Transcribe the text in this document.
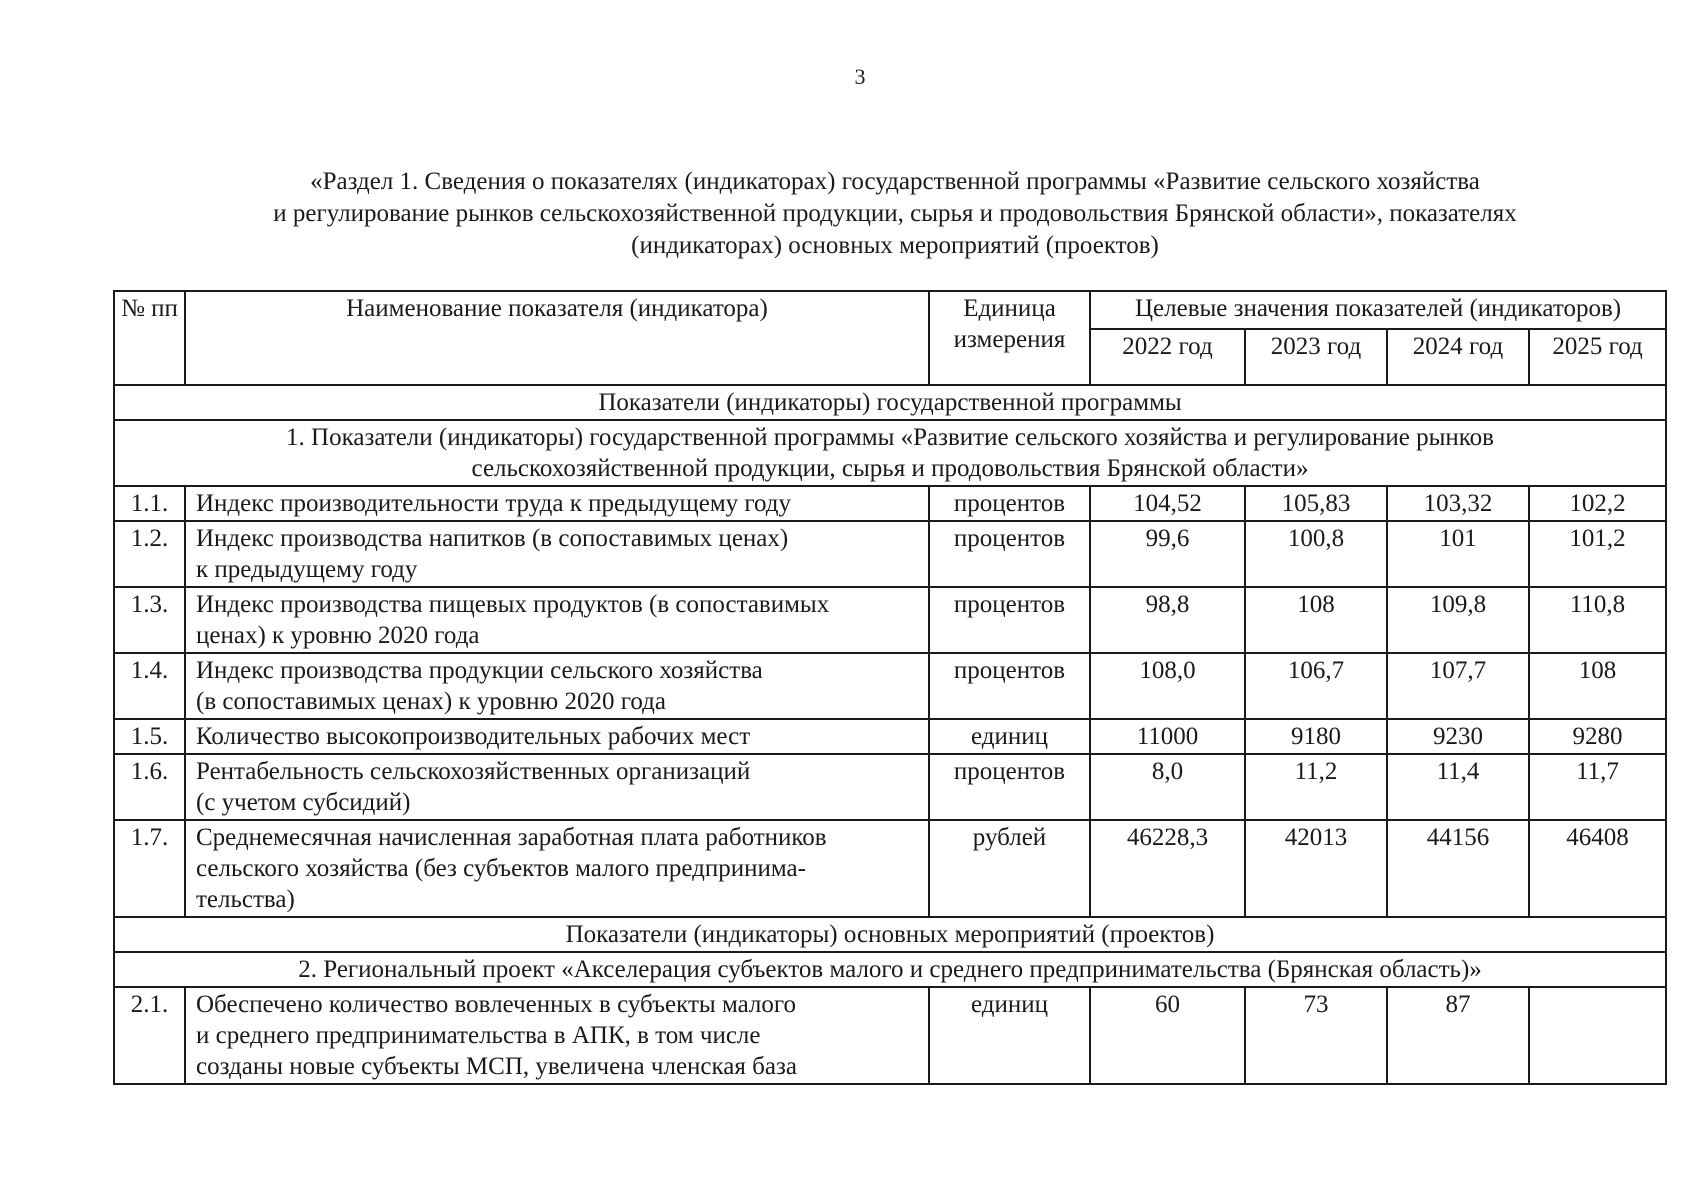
3
«Раздел 1. Сведения о показателях (индикаторах) государственной программы «Развитие сельского хозяйства
и регулирование рынков сельскохозяйственной продукции, сырья и продовольствия Брянской области», показателях
(индикаторах) основных мероприятий (проектов)
№ пп	Наименование показателя (индикатора)	Единица
измерения	Целевые значения показателей (индикаторов)			
			2022 год	2023 год	2024 год	2025 год
Показатели (индикаторы) государственной программы						
1. Показатели (индикаторы) государственной программы «Развитие сельского хозяйства и регулирование рынков
сельскохозяйственной продукции, сырья и продовольствия Брянской области»						
1.1.	Индекс производительности труда к предыдущему году	процентов	104,52	105,83	103,32	102,2
1.2.	Индекс производства напитков (в сопоставимых ценах)
к предыдущему году	процентов	99,6	100,8	101	101,2
1.3.	Индекс производства пищевых продуктов (в сопоставимых
ценах) к уровню 2020 года	процентов	98,8	108	109,8	110,8
1.4.	Индекс производства продукции сельского хозяйства
(в сопоставимых ценах) к уровню 2020 года	процентов	108,0	106,7	107,7	108
1.5.	Количество высокопроизводительных рабочих мест	единиц	11000	9180	9230	9280
1.6.	Рентабельность сельскохозяйственных организаций
(с учетом субсидий)	процентов	8,0	11,2	11,4	11,7
1.7.	Среднемесячная начисленная заработная плата работников
сельского хозяйства (без субъектов малого предпринима-
тельства)	рублей	46228,3	42013	44156	46408
Показатели (индикаторы) основных мероприятий (проектов)						
2. Региональный проект «Акселерация субъектов малого и среднего предпринимательства (Брянская область)»						
2.1.	Обеспечено количество вовлеченных в субъекты малого
и среднего предпринимательства в АПК, в том числе
созданы новые субъекты МСП, увеличена членская база	единиц	60	73	87	
